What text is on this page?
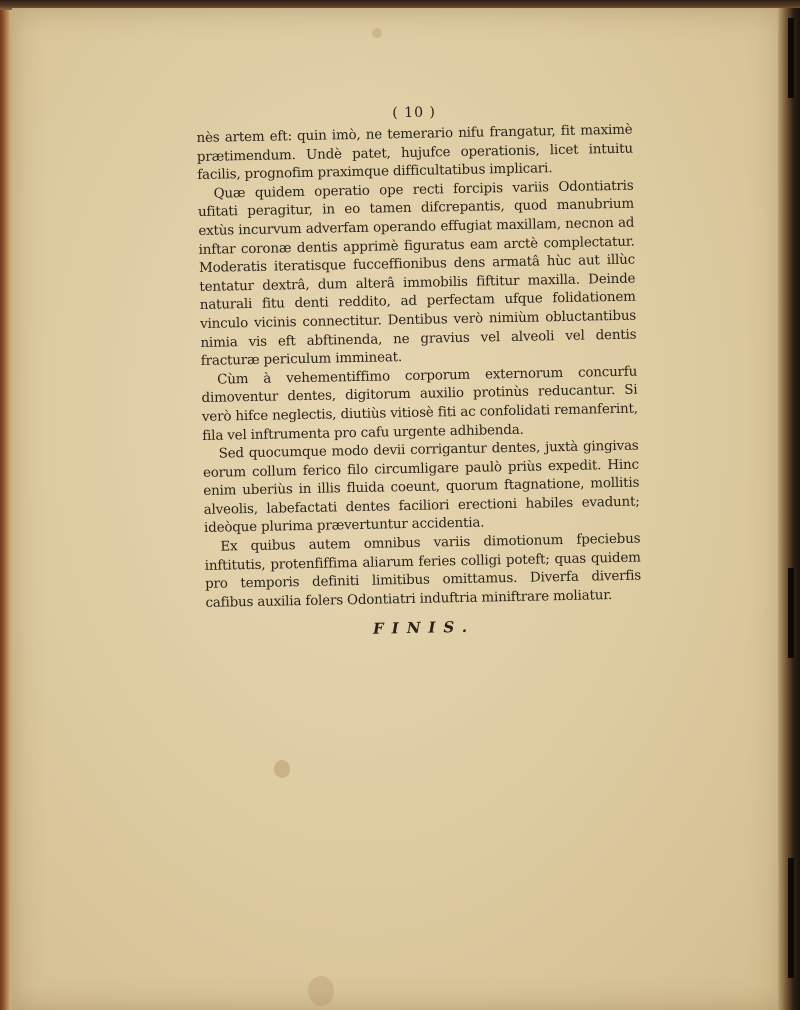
( 10 )

nès artem eft: quin imò, ne temerario nifu frangatur, fit maximè prætimendum. Undè patet, hujufce operationis, licet intuitu facilis, prognofim praximque difficultatibus implicari.

Quæ quidem operatio ope recti forcipis variis Odontiatris ufitati peragitur, in eo tamen difcrepantis, quod manubrium extùs incurvum adverfam operando effugiat maxillam, necnon ad inftar coronæ dentis apprimè figuratus eam arctè complectatur. Moderatis iteratisque fucceffionibus dens armatâ hùc aut illùc tentatur dextrâ, dum alterâ immobilis fiftitur maxilla. Deinde naturali fitu denti reddito, ad perfectam ufque folidationem vinculo vicinis connectitur. Dentibus verò nimiùm obluctantibus nimia vis eft abftinenda, ne gravius vel alveoli vel dentis fracturæ periculum immineat.

Cùm à vehementiffimo corporum externorum concurfu dimoventur dentes, digitorum auxilio protinùs reducantur. Si verò hifce neglectis, diutiùs vitiosè fiti ac confolidati remanferint, fila vel inftrumenta pro cafu urgente adhibenda.

Sed quocumque modo devii corrigantur dentes, juxtà gingivas eorum collum ferico filo circumligare paulò priùs expedit. Hinc enim uberiùs in illis fluida coeunt, quorum ftagnatione, mollitis alveolis, labefactati dentes faciliori erectioni habiles evadunt; ideòque plurima prævertuntur accidentia.

Ex quibus autem omnibus variis dimotionum fpeciebus inftitutis, protenfiffima aliarum feries colligi poteft; quas quidem pro temporis definiti limitibus omittamus. Diverfa diverfis cafibus auxilia folers Odontiatri induftria miniftrare moliatur.

FINIS.
